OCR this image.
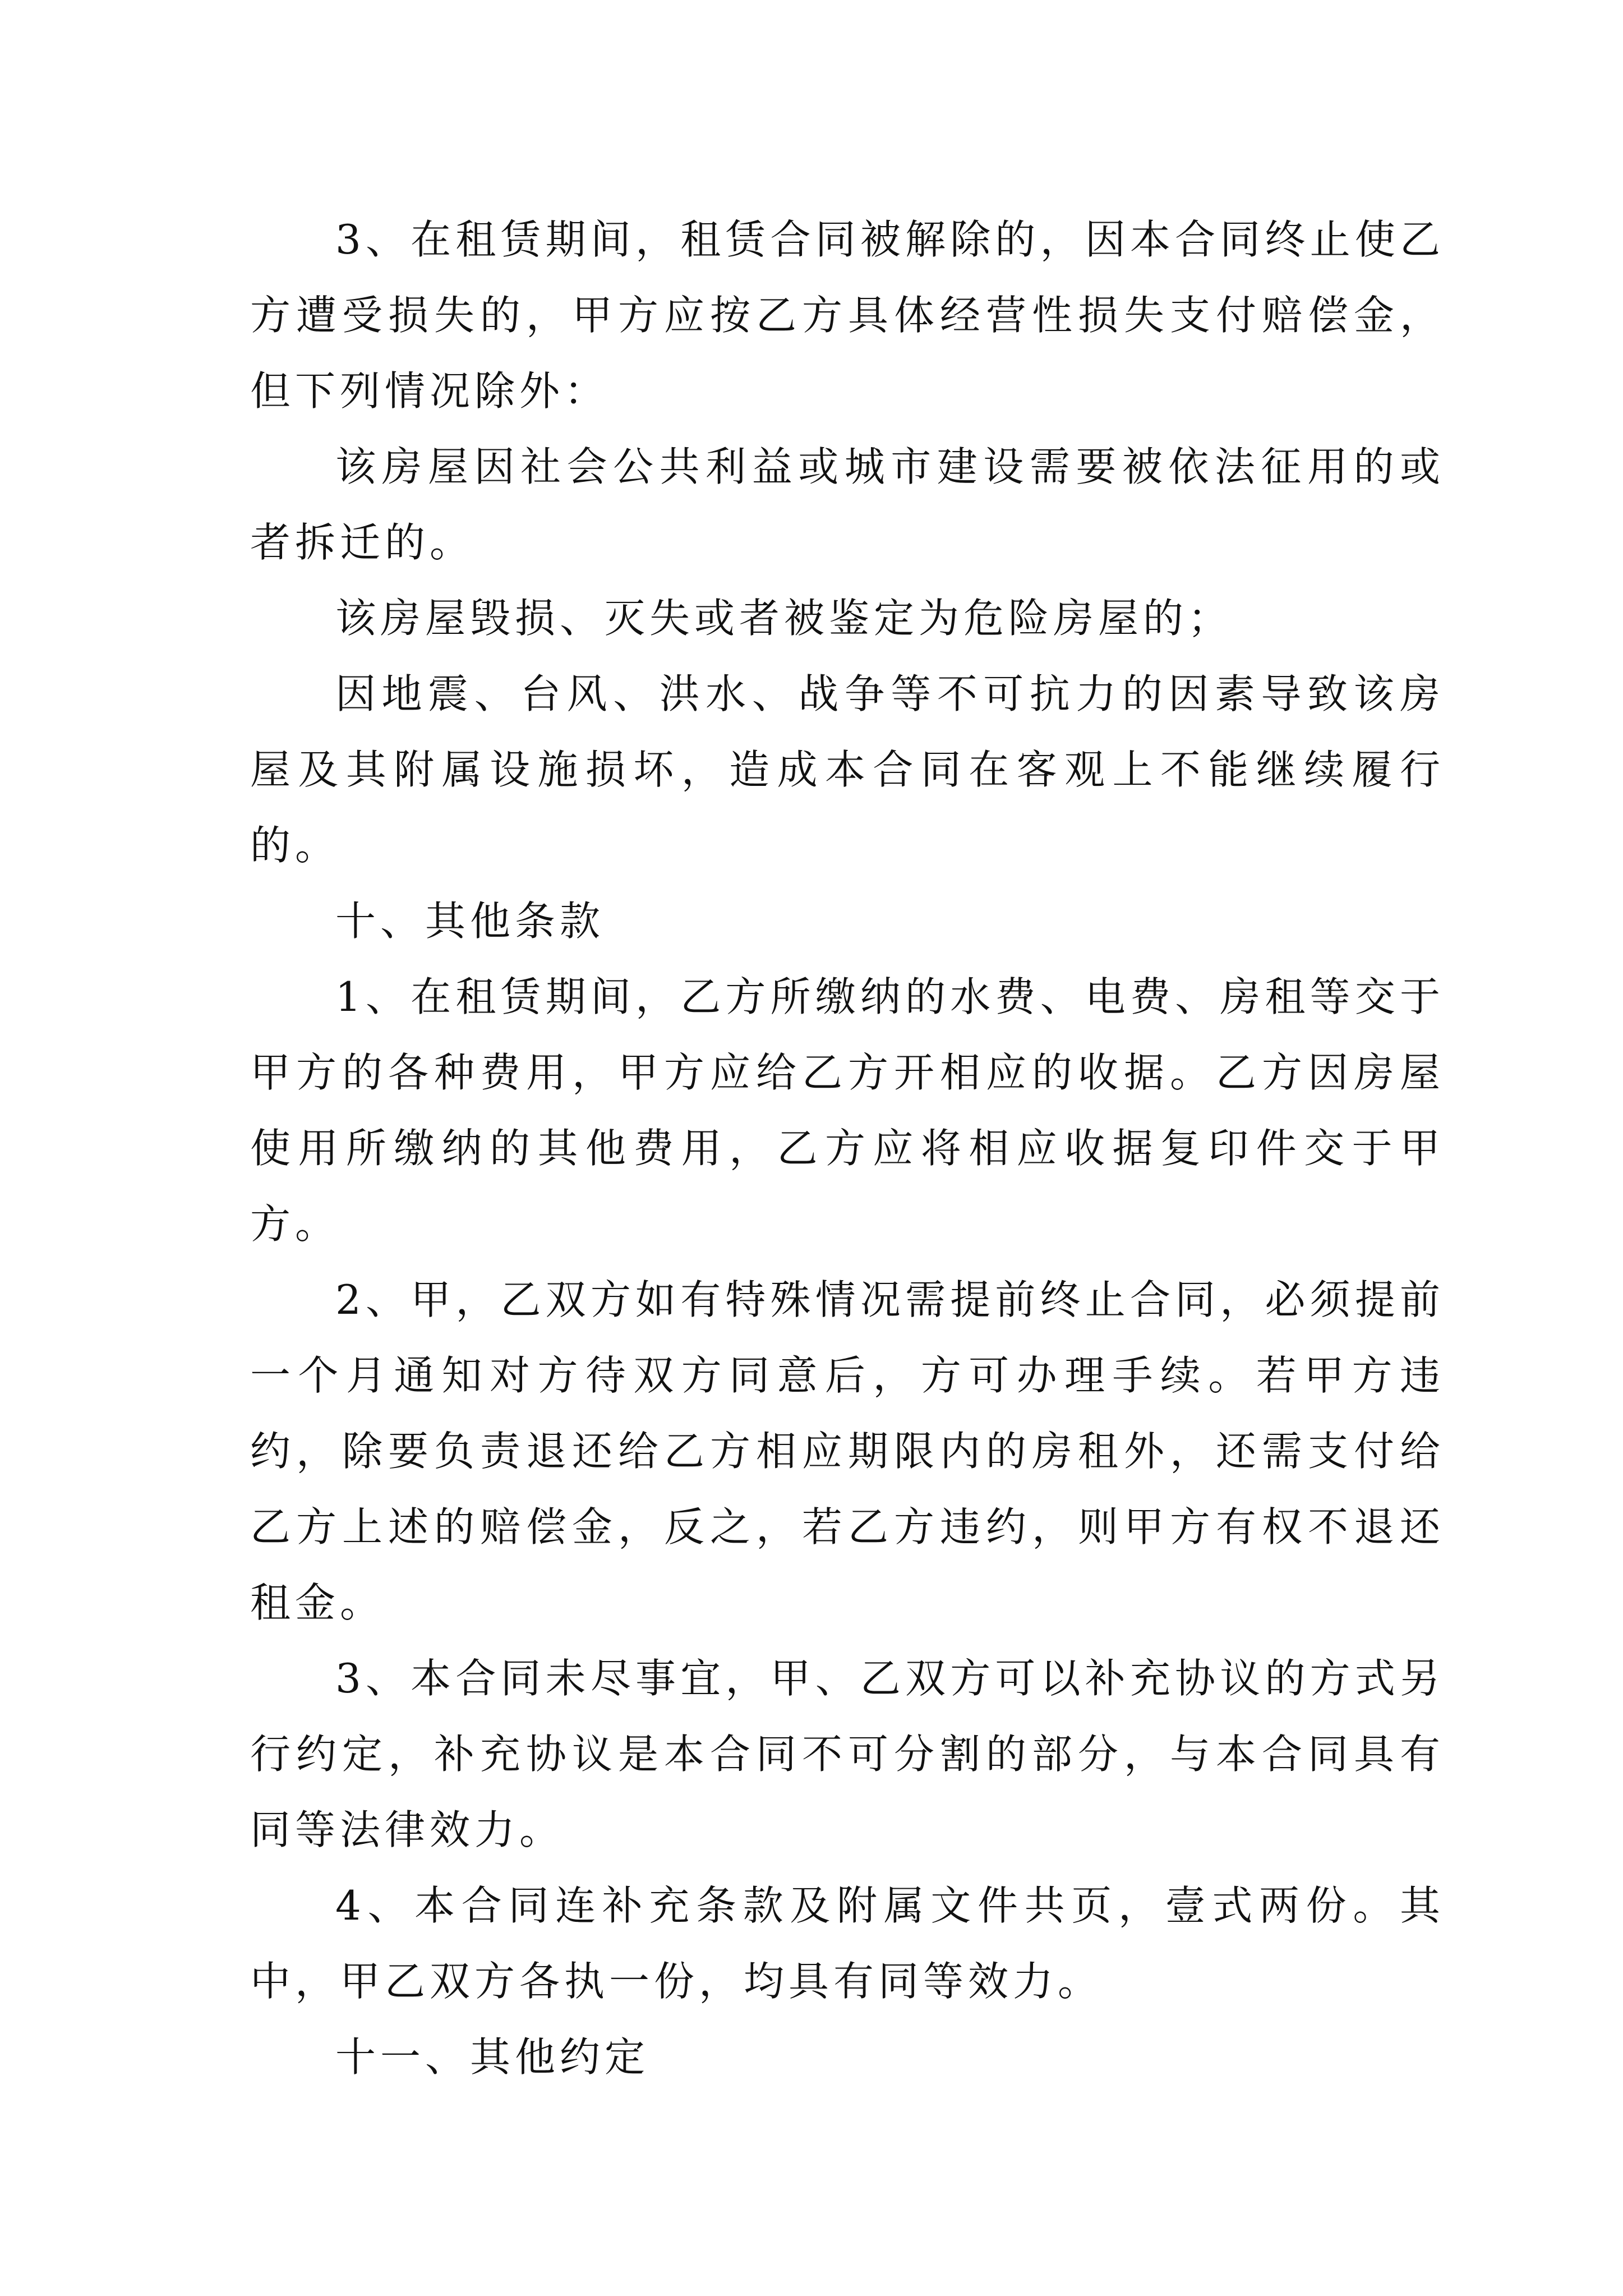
3、在租赁期间，租赁合同被解除的，因本合同终止使乙方遭受损失的，甲方应按乙方具体经营性损失支付赔偿金，但下列情况除外：

该房屋因社会公共利益或城市建设需要被依法征用的或者拆迁的。

该房屋毁损、灭失或者被鉴定为危险房屋的；

因地震、台风、洪水、战争等不可抗力的因素导致该房屋及其附属设施损坏，造成本合同在客观上不能继续履行的。

十、其他条款

1、在租赁期间，乙方所缴纳的水费、电费、房租等交于甲方的各种费用，甲方应给乙方开相应的收据。乙方因房屋使用所缴纳的其他费用，乙方应将相应收据复印件交于甲方。

2、甲，乙双方如有特殊情况需提前终止合同，必须提前一个月通知对方待双方同意后，方可办理手续。若甲方违约，除要负责退还给乙方相应期限内的房租外，还需支付给乙方上述的赔偿金，反之，若乙方违约，则甲方有权不退还租金。

3、本合同未尽事宜，甲、乙双方可以补充协议的方式另行约定，补充协议是本合同不可分割的部分，与本合同具有同等法律效力。

4、本合同连补充条款及附属文件共页，壹式两份。其中，甲乙双方各执一份，均具有同等效力。

十一、其他约定
